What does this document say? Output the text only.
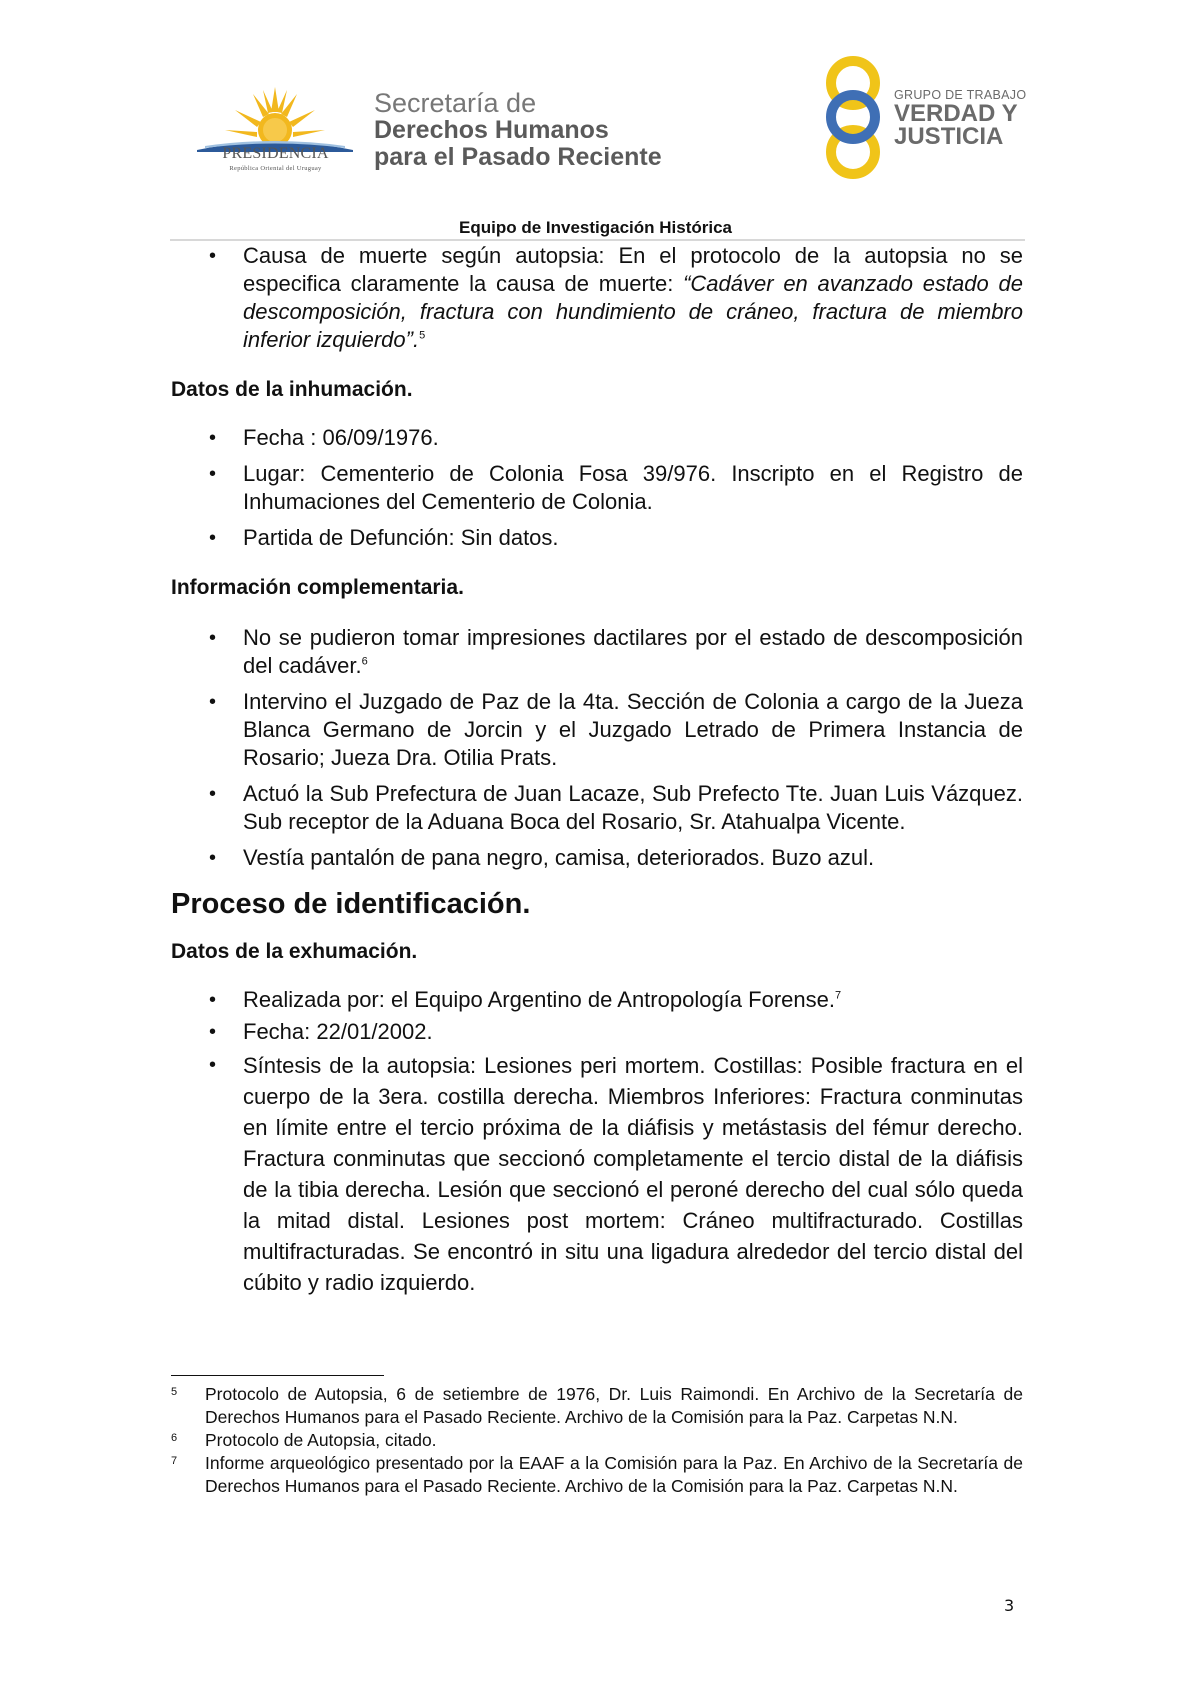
PRESIDENCIA
República Oriental del Uruguay
Secretaría de
Derechos Humanos
para el Pasado Reciente
GRUPO DE TRABAJO
VERDAD Y
JUSTICIA
Equipo de Investigación Histórica
• Causa de muerte según autopsia: En el protocolo de la autopsia no se especifica claramente la causa de muerte: “Cadáver en avanzado estado de descomposición, fractura con hundimiento de cráneo, fractura de miembro inferior izquierdo”.$^5$
Datos de la inhumación.
• Fecha : 06/09/1976.
• Lugar: Cementerio de Colonia Fosa 39/976. Inscripto en el Registro de Inhumaciones del Cementerio de Colonia.
• Partida de Defunción: Sin datos.
Información complementaria.
• No se pudieron tomar impresiones dactilares por el estado de descomposición del cadáver.$^6$
• Intervino el Juzgado de Paz de la 4ta. Sección de Colonia a cargo de la Jueza Blanca Germano de Jorcin y el Juzgado Letrado de Primera Instancia de Rosario; Jueza Dra. Otilia Prats.
• Actuó la Sub Prefectura de Juan Lacaze, Sub Prefecto Tte. Juan Luis Vázquez. Sub receptor de la Aduana Boca del Rosario, Sr. Atahualpa Vicente.
• Vestía pantalón de pana negro, camisa, deteriorados. Buzo azul.
Proceso de identificación.
Datos de la exhumación.
• Realizada por: el Equipo Argentino de Antropología Forense.$^7$
• Fecha: 22/01/2002.
• Síntesis de la autopsia: Lesiones peri mortem. Costillas: Posible fractura en el cuerpo de la 3era. costilla derecha. Miembros Inferiores: Fractura conminutas en límite entre el tercio próxima de la diáfisis y metástasis del fémur derecho. Fractura conminutas que seccionó completamente el tercio distal de la diáfisis de la tibia derecha. Lesión que seccionó el peroné derecho del cual sólo queda la mitad distal. Lesiones post mortem: Cráneo multifracturado. Costillas multifracturadas. Se encontró in situ una ligadura alrededor del tercio distal del cúbito y radio izquierdo.
5 Protocolo de Autopsia, 6 de setiembre de 1976, Dr. Luis Raimondi. En Archivo de la Secretaría de Derechos Humanos para el Pasado Reciente. Archivo de la Comisión para la Paz. Carpetas N.N.
6 Protocolo de Autopsia, citado.
7 Informe arqueológico presentado por la EAAF a la Comisión para la Paz. En Archivo de la Secretaría de Derechos Humanos para el Pasado Reciente. Archivo de la Comisión para la Paz. Carpetas N.N.
3
